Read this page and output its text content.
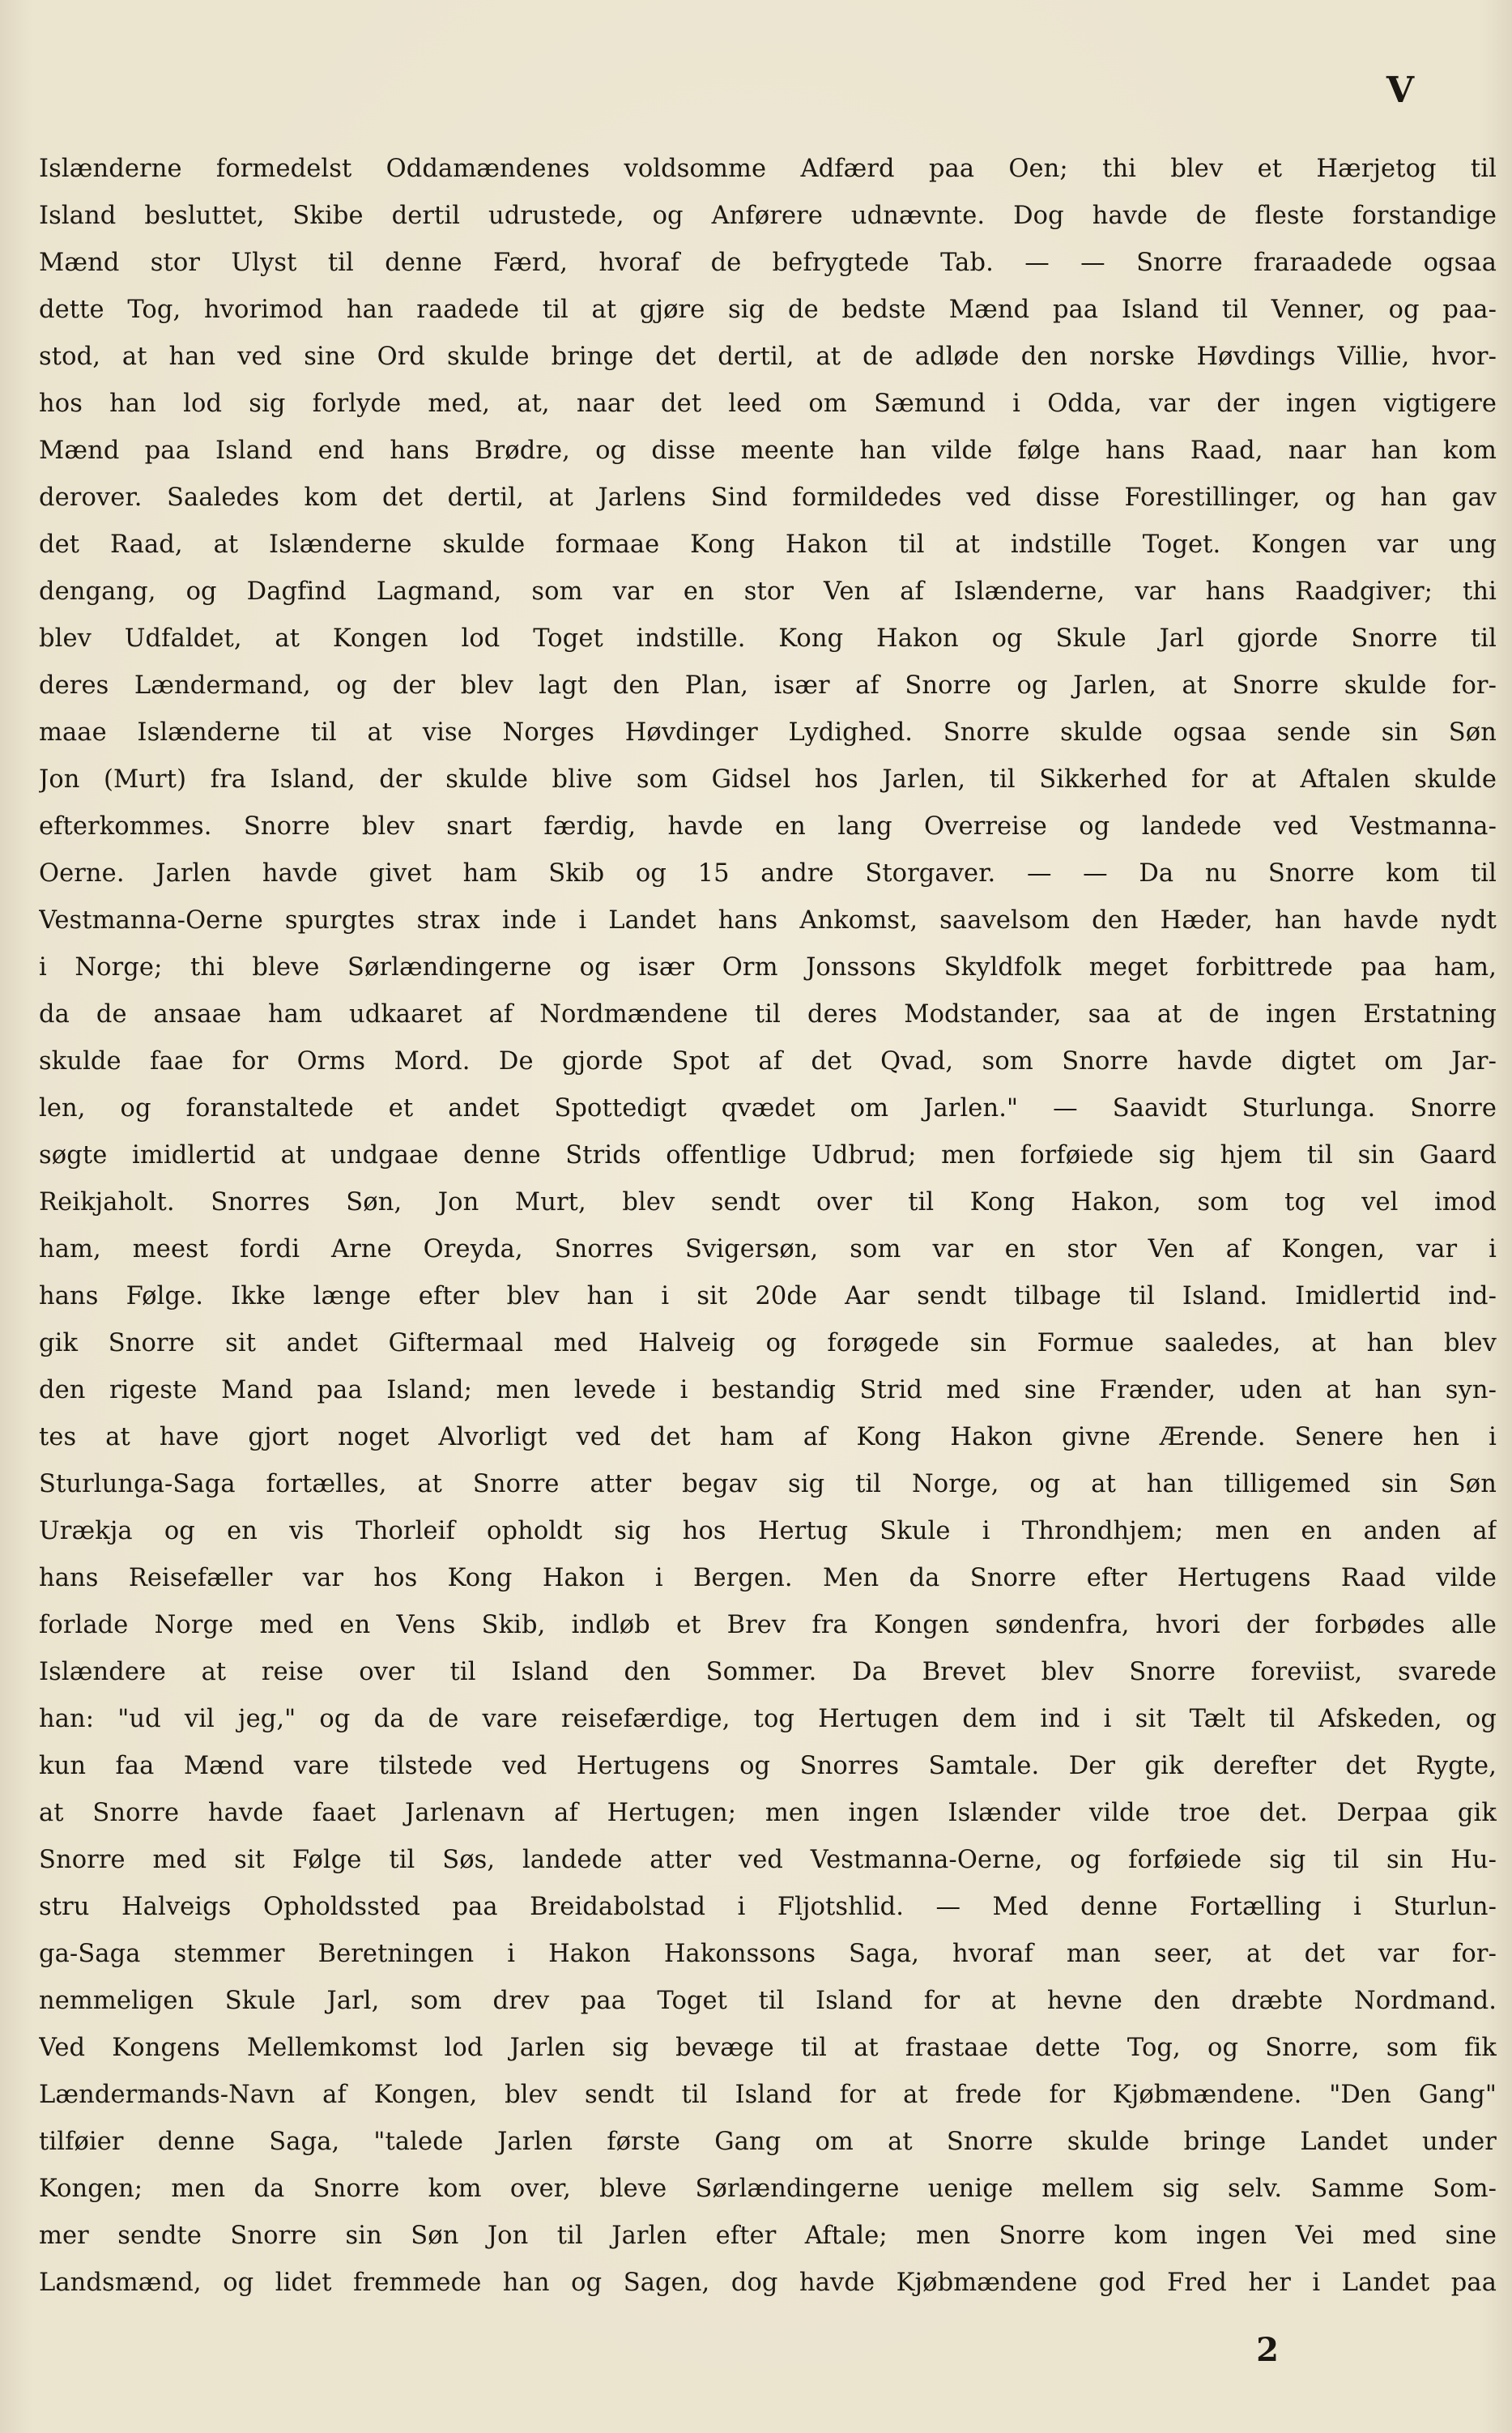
V
Islænderne formedelst Oddamændenes voldsomme Adfærd paa Oen; thi blev et Hærjetog til
Island besluttet, Skibe dertil udrustede, og Anførere udnævnte. Dog havde de fleste forstandige
Mænd stor Ulyst til denne Færd, hvoraf de befrygtede Tab. — — Snorre fraraadede ogsaa
dette Tog, hvorimod han raadede til at gjøre sig de bedste Mænd paa Island til Venner, og paa-
stod, at han ved sine Ord skulde bringe det dertil, at de adløde den norske Høvdings Villie, hvor-
hos han lod sig forlyde med, at, naar det leed om Sæmund i Odda, var der ingen vigtigere
Mænd paa Island end hans Brødre, og disse meente han vilde følge hans Raad, naar han kom
derover. Saaledes kom det dertil, at Jarlens Sind formildedes ved disse Forestillinger, og han gav
det Raad, at Islænderne skulde formaae Kong Hakon til at indstille Toget. Kongen var ung
dengang, og Dagfind Lagmand, som var en stor Ven af Islænderne, var hans Raadgiver; thi
blev Udfaldet, at Kongen lod Toget indstille. Kong Hakon og Skule Jarl gjorde Snorre til
deres Lændermand, og der blev lagt den Plan, især af Snorre og Jarlen, at Snorre skulde for-
maae Islænderne til at vise Norges Høvdinger Lydighed. Snorre skulde ogsaa sende sin Søn
Jon (Murt) fra Island, der skulde blive som Gidsel hos Jarlen, til Sikkerhed for at Aftalen skulde
efterkommes. Snorre blev snart færdig, havde en lang Overreise og landede ved Vestmanna-
Oerne. Jarlen havde givet ham Skib og 15 andre Storgaver. — — Da nu Snorre kom til
Vestmanna-Oerne spurgtes strax inde i Landet hans Ankomst, saavelsom den Hæder, han havde nydt
i Norge; thi bleve Sørlændingerne og især Orm Jonssons Skyldfolk meget forbittrede paa ham,
da de ansaae ham udkaaret af Nordmændene til deres Modstander, saa at de ingen Erstatning
skulde faae for Orms Mord. De gjorde Spot af det Qvad, som Snorre havde digtet om Jar-
len, og foranstaltede et andet Spottedigt qvædet om Jarlen." — Saavidt Sturlunga. Snorre
søgte imidlertid at undgaae denne Strids offentlige Udbrud; men forføiede sig hjem til sin Gaard
Reikjaholt. Snorres Søn, Jon Murt, blev sendt over til Kong Hakon, som tog vel imod
ham, meest fordi Arne Oreyda, Snorres Svigersøn, som var en stor Ven af Kongen, var i
hans Følge. Ikke længe efter blev han i sit 20de Aar sendt tilbage til Island. Imidlertid ind-
gik Snorre sit andet Giftermaal med Halveig og forøgede sin Formue saaledes, at han blev
den rigeste Mand paa Island; men levede i bestandig Strid med sine Frænder, uden at han syn-
tes at have gjort noget Alvorligt ved det ham af Kong Hakon givne Ærende. Senere hen i
Sturlunga-Saga fortælles, at Snorre atter begav sig til Norge, og at han tilligemed sin Søn
Urækja og en vis Thorleif opholdt sig hos Hertug Skule i Throndhjem; men en anden af
hans Reisefæller var hos Kong Hakon i Bergen. Men da Snorre efter Hertugens Raad vilde
forlade Norge med en Vens Skib, indløb et Brev fra Kongen søndenfra, hvori der forbødes alle
Islændere at reise over til Island den Sommer. Da Brevet blev Snorre foreviist, svarede
han: "ud vil jeg," og da de vare reisefærdige, tog Hertugen dem ind i sit Tælt til Afskeden, og
kun faa Mænd vare tilstede ved Hertugens og Snorres Samtale. Der gik derefter det Rygte,
at Snorre havde faaet Jarlenavn af Hertugen; men ingen Islænder vilde troe det. Derpaa gik
Snorre med sit Følge til Søs, landede atter ved Vestmanna-Oerne, og forføiede sig til sin Hu-
stru Halveigs Opholdssted paa Breidabolstad i Fljotshlid. — Med denne Fortælling i Sturlun-
ga-Saga stemmer Beretningen i Hakon Hakonssons Saga, hvoraf man seer, at det var for-
nemmeligen Skule Jarl, som drev paa Toget til Island for at hevne den dræbte Nordmand.
Ved Kongens Mellemkomst lod Jarlen sig bevæge til at frastaae dette Tog, og Snorre, som fik
Lændermands-Navn af Kongen, blev sendt til Island for at frede for Kjøbmændene. "Den Gang"
tilføier denne Saga, "talede Jarlen første Gang om at Snorre skulde bringe Landet under
Kongen; men da Snorre kom over, bleve Sørlændingerne uenige mellem sig selv. Samme Som-
mer sendte Snorre sin Søn Jon til Jarlen efter Aftale; men Snorre kom ingen Vei med sine
Landsmænd, og lidet fremmede han og Sagen, dog havde Kjøbmændene god Fred her i Landet paa
2
